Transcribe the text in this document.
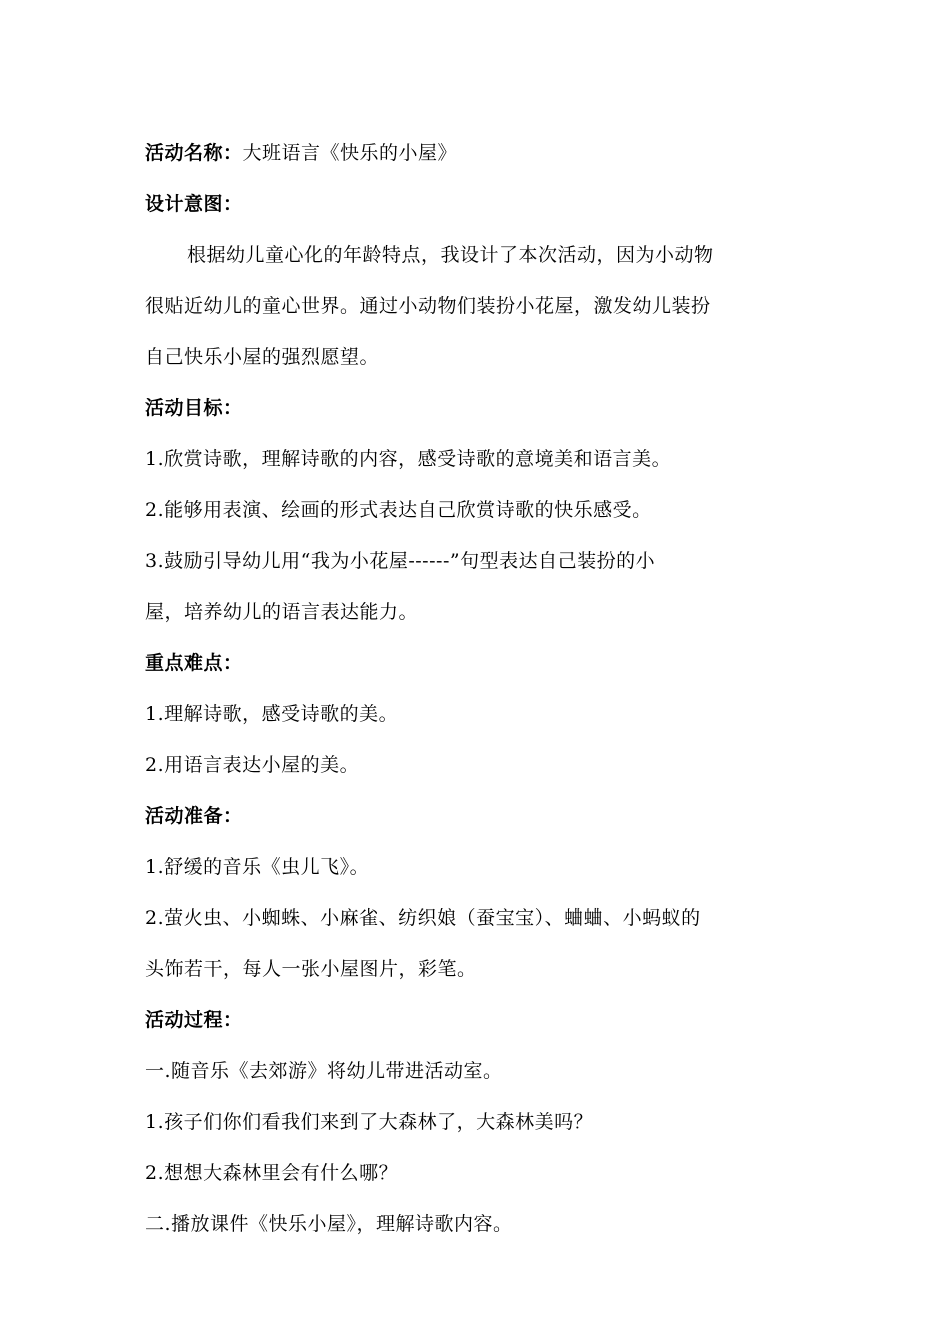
活动名称：大班语言《快乐的小屋》
设计意图：
根据幼儿童心化的年龄特点，我设计了本次活动，因为小动物
很贴近幼儿的童心世界。通过小动物们装扮小花屋，激发幼儿装扮
自己快乐小屋的强烈愿望。
活动目标：
1.欣赏诗歌，理解诗歌的内容，感受诗歌的意境美和语言美。
2.能够用表演、绘画的形式表达自己欣赏诗歌的快乐感受。
3.鼓励引导幼儿用“我为小花屋------”句型表达自己装扮的小
屋，培养幼儿的语言表达能力。
重点难点：
1.理解诗歌，感受诗歌的美。
2.用语言表达小屋的美。
活动准备：
1.舒缓的音乐《虫儿飞》。
2.萤火虫、小蜘蛛、小麻雀、纺织娘（蚕宝宝）、蛐蛐、小蚂蚁的
头饰若干，每人一张小屋图片，彩笔。
活动过程：
一.随音乐《去郊游》将幼儿带进活动室。
1.孩子们你们看我们来到了大森林了，大森林美吗？
2.想想大森林里会有什么哪？
二.播放课件《快乐小屋》，理解诗歌内容。
